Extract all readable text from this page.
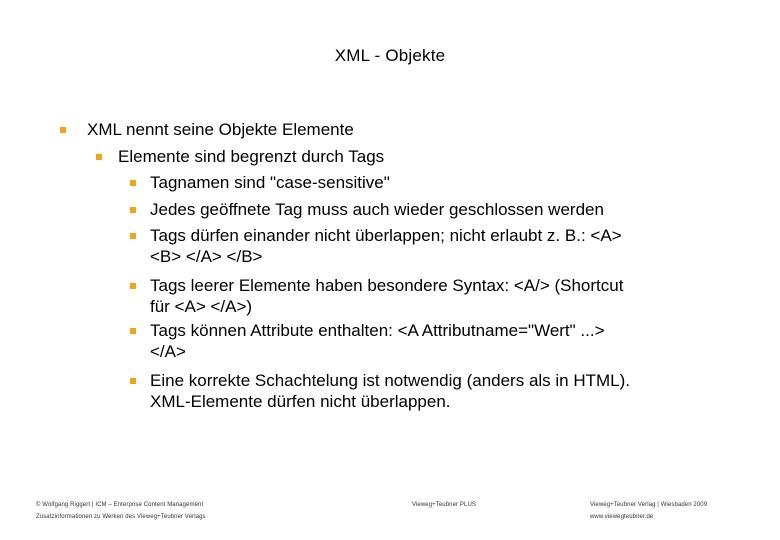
XML - Objekte
XML nennt seine Objekte Elemente
Elemente sind begrenzt durch Tags
Tagnamen sind "case-sensitive"
Jedes geöffnete Tag muss auch wieder geschlossen werden
Tags dürfen einander nicht überlappen; nicht erlaubt z. B.: <A>
<B> </A> </B>
Tags leerer Elemente haben besondere Syntax: <A/> (Shortcut
für <A> </A>)
Tags können Attribute enthalten: <A Attributname="Wert" ...>
</A>
Eine korrekte Schachtelung ist notwendig (anders als in HTML).
XML-Elemente dürfen nicht überlappen.
© Wolfgang Riggert | ICM – Enterprise Content Management
Zusatzinformationen zu Werken des Vieweg+Teubner Verlags
Vieweg+Teubner PLUS	Vieweg+Teubner Verlag | Wiesbaden 2009
www.viewegteubner.de
